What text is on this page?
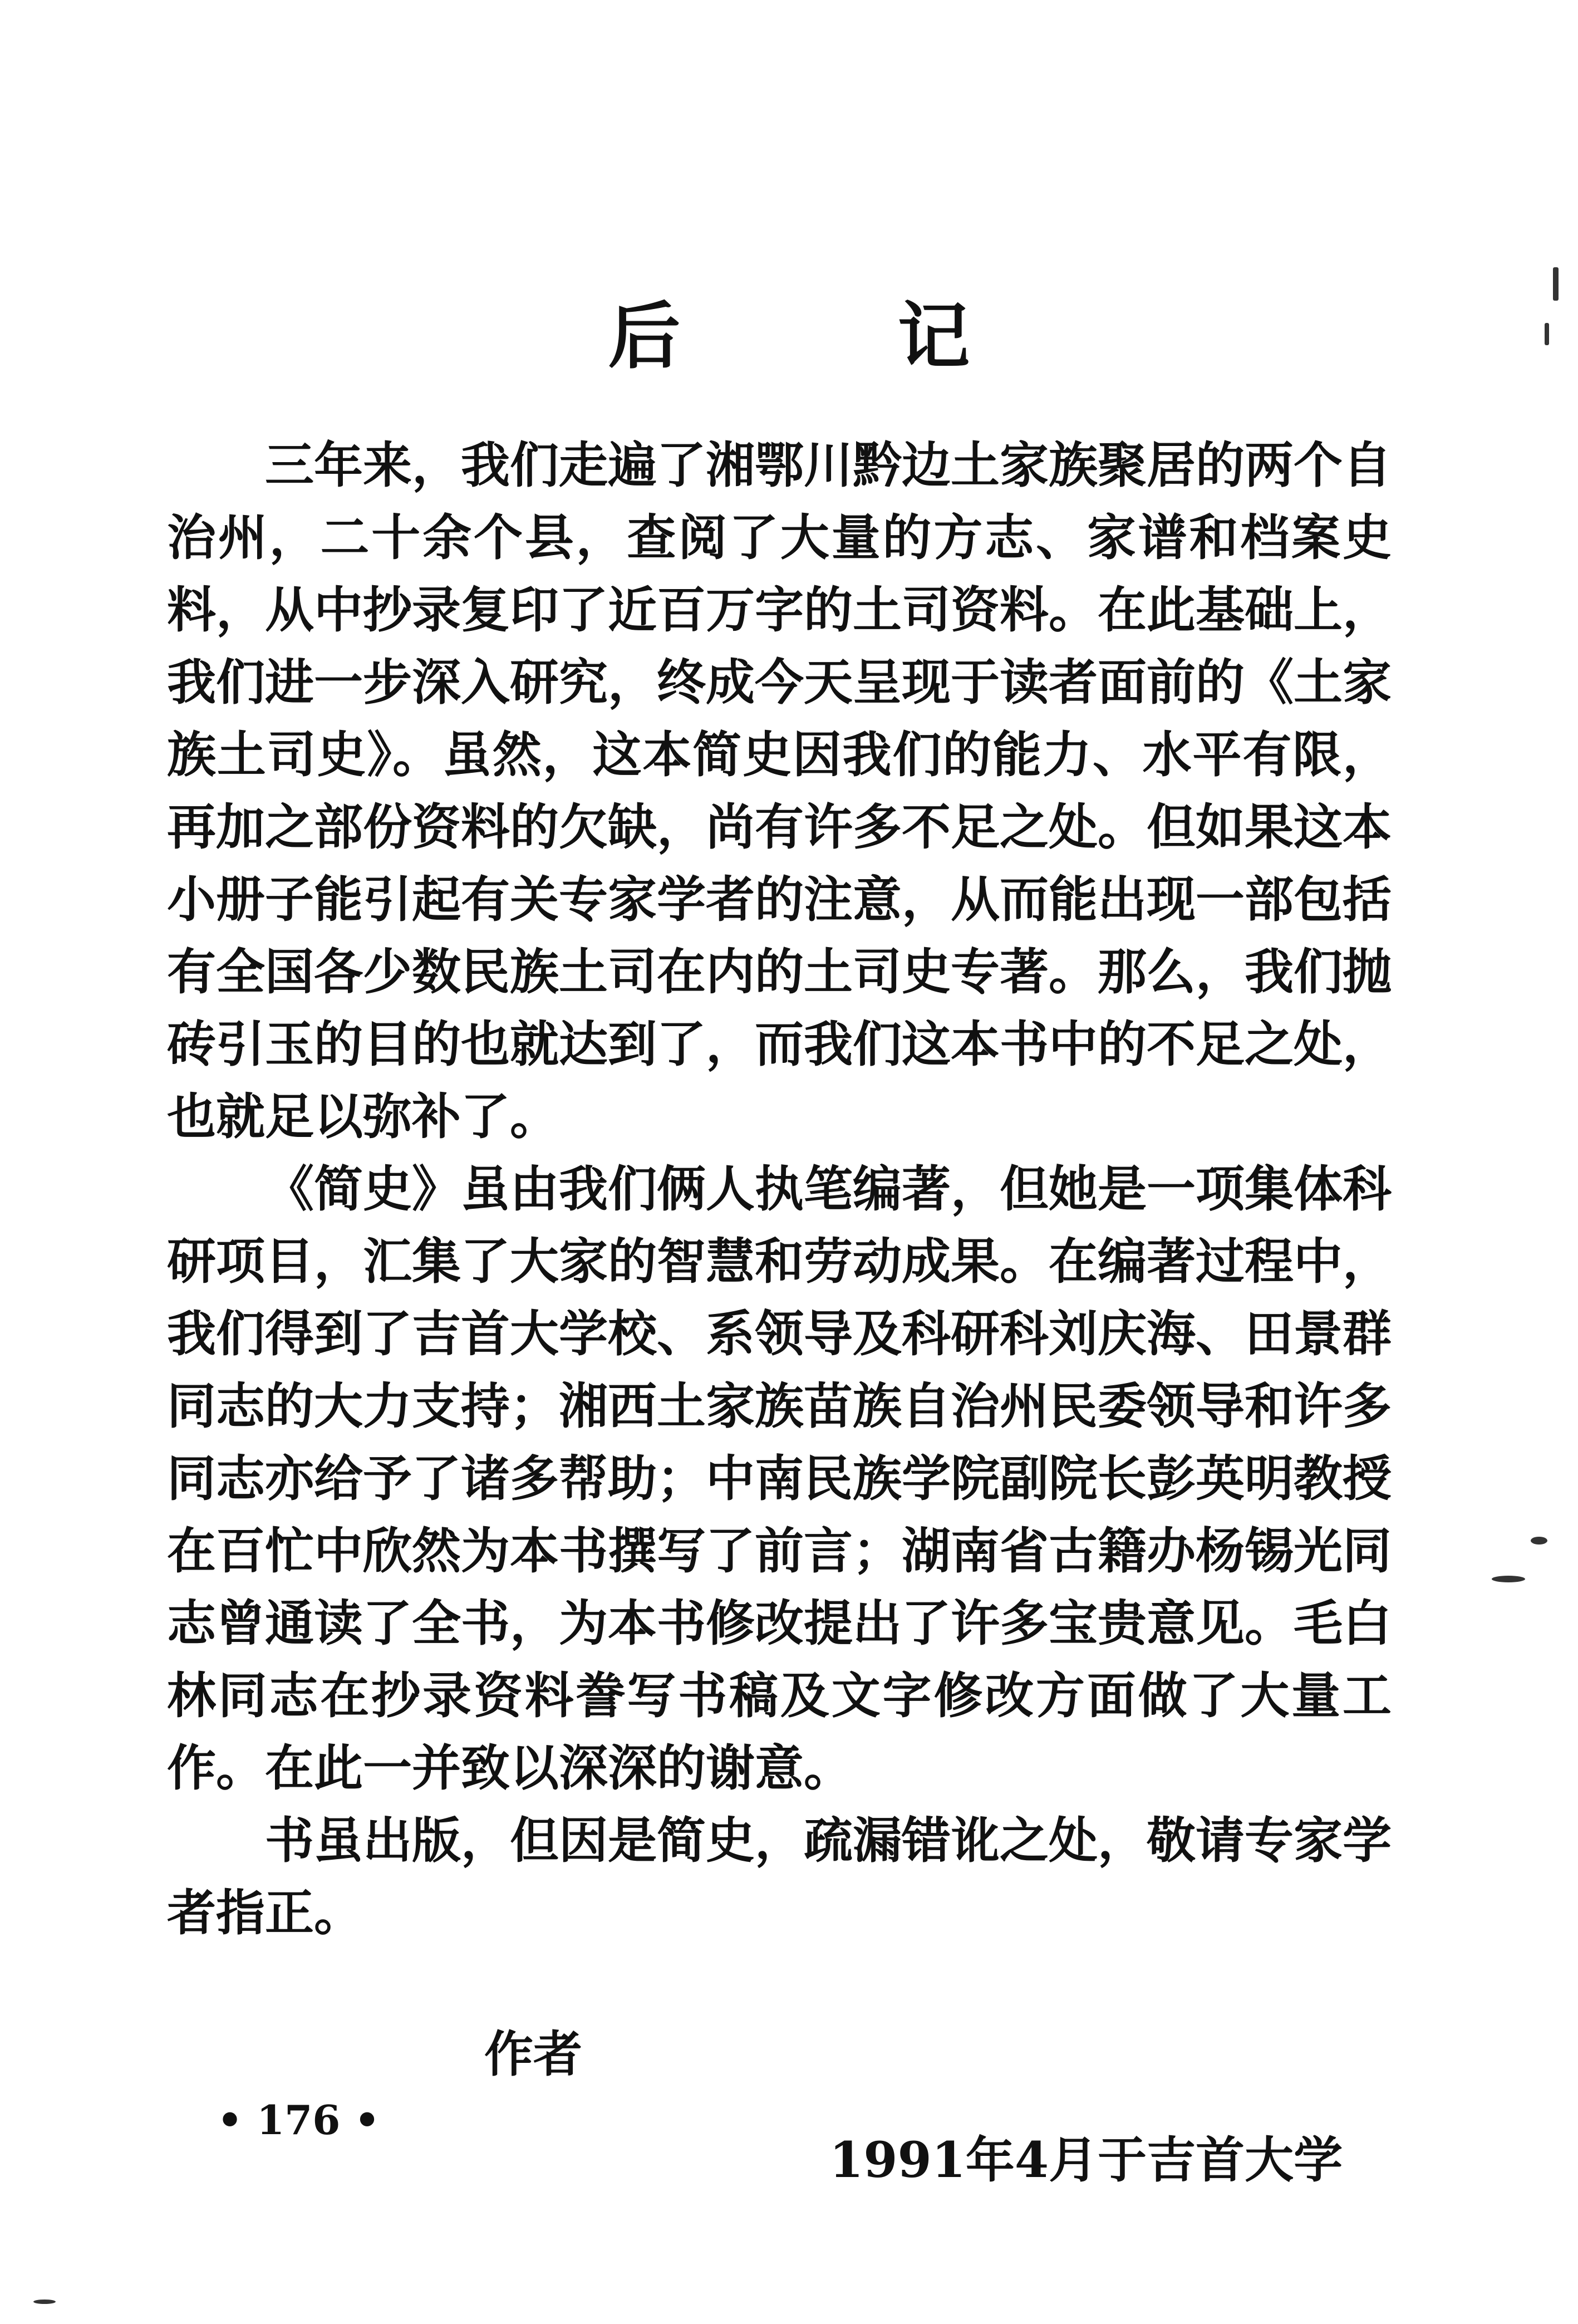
后	记

三年来，我们走遍了湘鄂川黔边土家族聚居的两个自治州，二十余个县，查阅了大量的方志、家谱和档案史料，从中抄录复印了近百万字的土司资料。在此基础上，我们进一步深入研究，终成今天呈现于读者面前的《土家族土司史》。虽然，这本简史因我们的能力、水平有限，再加之部份资料的欠缺，尚有许多不足之处。但如果这本小册子能引起有关专家学者的注意，从而能出现一部包括有全国各少数民族土司在内的土司史专著。那么，我们抛砖引玉的目的也就达到了，而我们这本书中的不足之处，也就足以弥补了。

《简史》虽由我们俩人执笔编著，但她是一项集体科研项目，汇集了大家的智慧和劳动成果。在编著过程中，我们得到了吉首大学校、系领导及科研科刘庆海、田景群同志的大力支持；湘西土家族苗族自治州民委领导和许多同志亦给予了诸多帮助；中南民族学院副院长彭英明教授在百忙中欣然为本书撰写了前言；湖南省古籍办杨锡光同志曾通读了全书，为本书修改提出了许多宝贵意见。毛白林同志在抄录资料誊写书稿及文字修改方面做了大量工作。在此一并致以深深的谢意。

书虽出版，但因是简史，疏漏错讹之处，敬请专家学者指正。

作者
1991年4月于吉首大学
• 176 •
